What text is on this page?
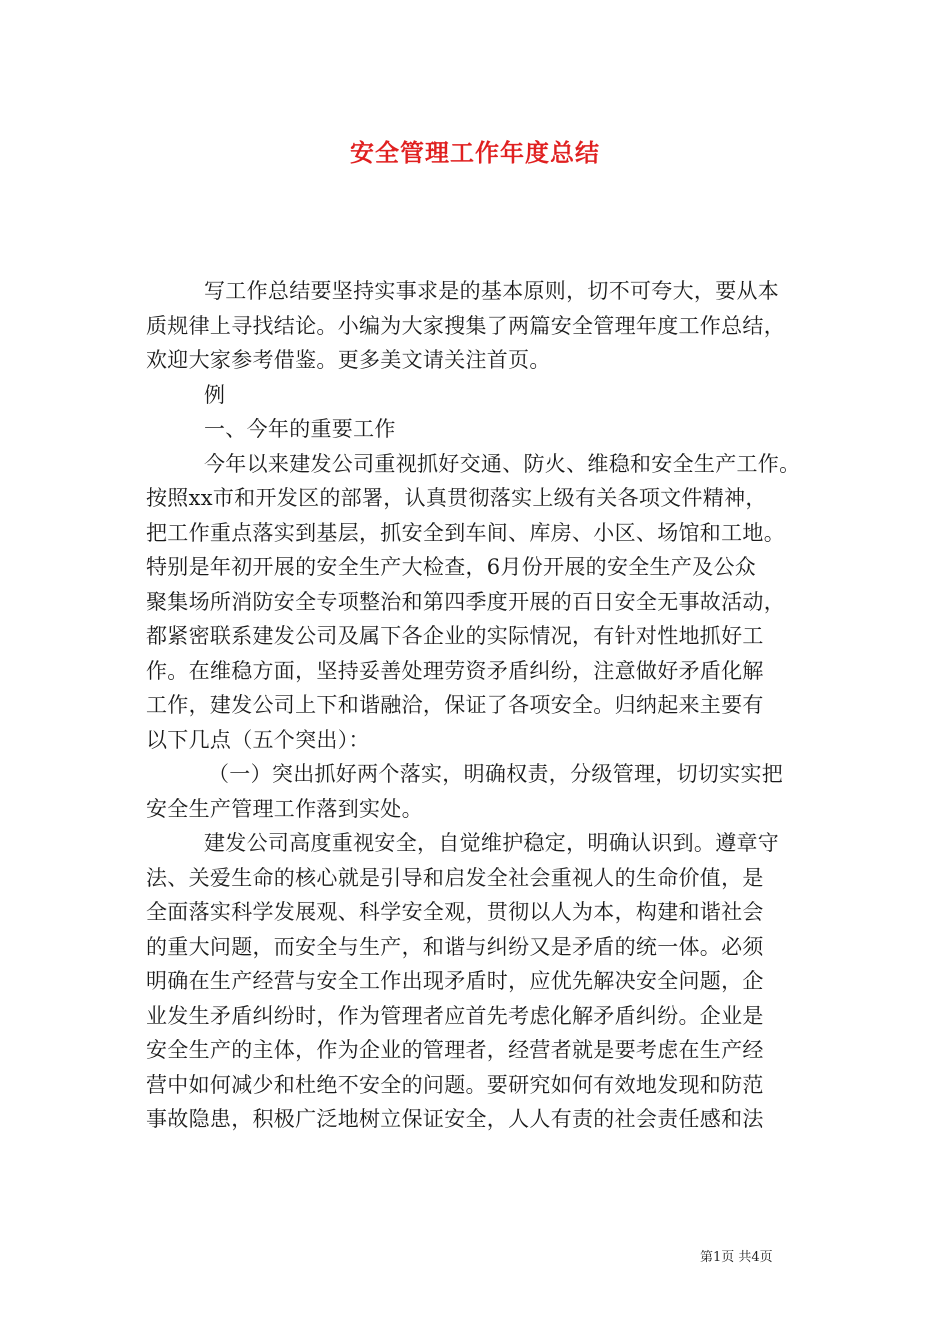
安全管理工作年度总结
写工作总结要坚持实事求是的基本原则，切不可夸大，要从本
质规律上寻找结论。小编为大家搜集了两篇安全管理年度工作总结，
欢迎大家参考借鉴。更多美文请关注首页。
例
一、今年的重要工作
今年以来建发公司重视抓好交通、防火、维稳和安全生产工作。
按照xx市和开发区的部署，认真贯彻落实上级有关各项文件精神，
把工作重点落实到基层，抓安全到车间、库房、小区、场馆和工地。
特别是年初开展的安全生产大检查，6月份开展的安全生产及公众
聚集场所消防安全专项整治和第四季度开展的百日安全无事故活动，
都紧密联系建发公司及属下各企业的实际情况，有针对性地抓好工
作。在维稳方面，坚持妥善处理劳资矛盾纠纷，注意做好矛盾化解
工作，建发公司上下和谐融洽，保证了各项安全。归纳起来主要有
以下几点（五个突出）：
（一）突出抓好两个落实，明确权责，分级管理，切切实实把
安全生产管理工作落到实处。
建发公司高度重视安全，自觉维护稳定，明确认识到。遵章守
法、关爱生命的核心就是引导和启发全社会重视人的生命价值，是
全面落实科学发展观、科学安全观，贯彻以人为本，构建和谐社会
的重大问题，而安全与生产，和谐与纠纷又是矛盾的统一体。必须
明确在生产经营与安全工作出现矛盾时，应优先解决安全问题，企
业发生矛盾纠纷时，作为管理者应首先考虑化解矛盾纠纷。企业是
安全生产的主体，作为企业的管理者，经营者就是要考虑在生产经
营中如何减少和杜绝不安全的问题。要研究如何有效地发现和防范
事故隐患，积极广泛地树立保证安全，人人有责的社会责任感和法
第1页 共4页
